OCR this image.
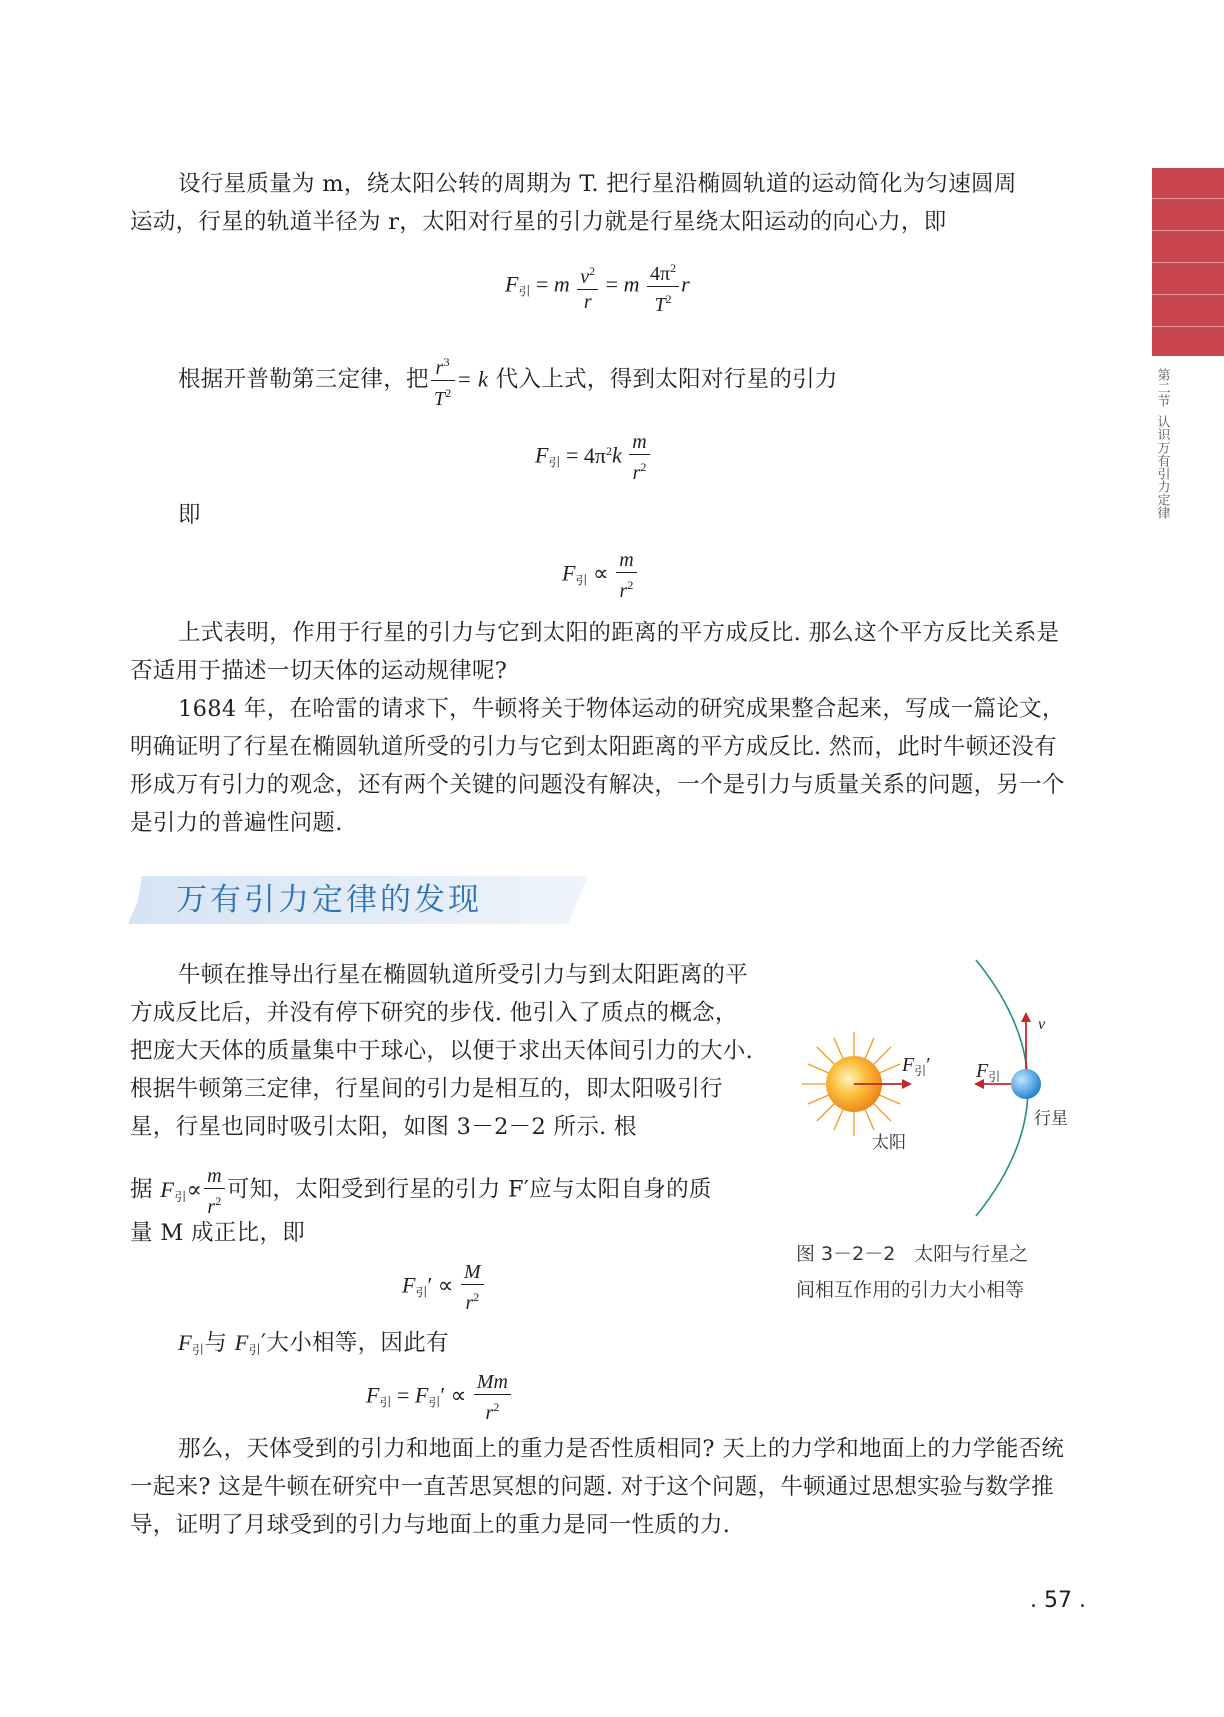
第二节
认识万有引力定律
设行星质量为 m，绕太阳公转的周期为 T. 把行星沿椭圆轨道的运动简化为匀速圆周
运动，行星的轨道半径为 r，太阳对行星的引力就是行星绕太阳运动的向心力，即
$F_引 = m \frac{v^2}{r} = m \frac{4\pi^2}{T^2}$ r
根据开普勒第三定律，把 $\frac{r^3}{T^2} = k$ 代入上式，得到太阳对行星的引力
$F_引 = 4\pi^2k \frac{m}{r^2}$
即
$F_引 \propto \frac{m}{r^2}$
上式表明，作用于行星的引力与它到太阳的距离的平方成反比. 那么这个平方反比关系是否适用于描述一切天体的运动规律呢?
1684 年，在哈雷的请求下，牛顿将关于物体运动的研究成果整合起来，写成一篇论文，明确证明了行星在椭圆轨道所受的引力与它到太阳距离的平方成反比. 然而，此时牛顿还没有形成万有引力的观念，还有两个关键的问题没有解决，一个是引力与质量关系的问题，另一个是引力的普遍性问题.
万有引力定律的发现
牛顿在推导出行星在椭圆轨道所受引力与到太阳距离的平方成反比后，并没有停下研究的步伐. 他引入了质点的概念，把庞大天体的质量集中于球心，以便于求出天体间引力的大小. 根据牛顿第三定律，行星间的引力是相互的，即太阳吸引行星，行星也同时吸引太阳，如图 3－2－2 所示. 根
据 $F_引\propto \frac{m}{r^2}$ 可知，太阳受到行星的引力 F′应与太阳自身的质
量 M 成正比，即
$F_引' \propto \frac{M}{r^2}$
$F_引$与 $F_引'$大小相等，因此有
$F_引 = F_引' \propto \frac{Mm}{r^2}$
那么，天体受到的引力和地面上的重力是否性质相同? 天上的力学和地面上的力学能否统一起来? 这是牛顿在研究中一直苦思冥想的问题. 对于这个问题，牛顿通过思想实验与数学推导，证明了月球受到的引力与地面上的重力是同一性质的力.
$F_引'$ $F_引$
v
太阳
行星
图 3－2－2　太阳与行星之
间相互作用的引力大小相等
. 57 .
